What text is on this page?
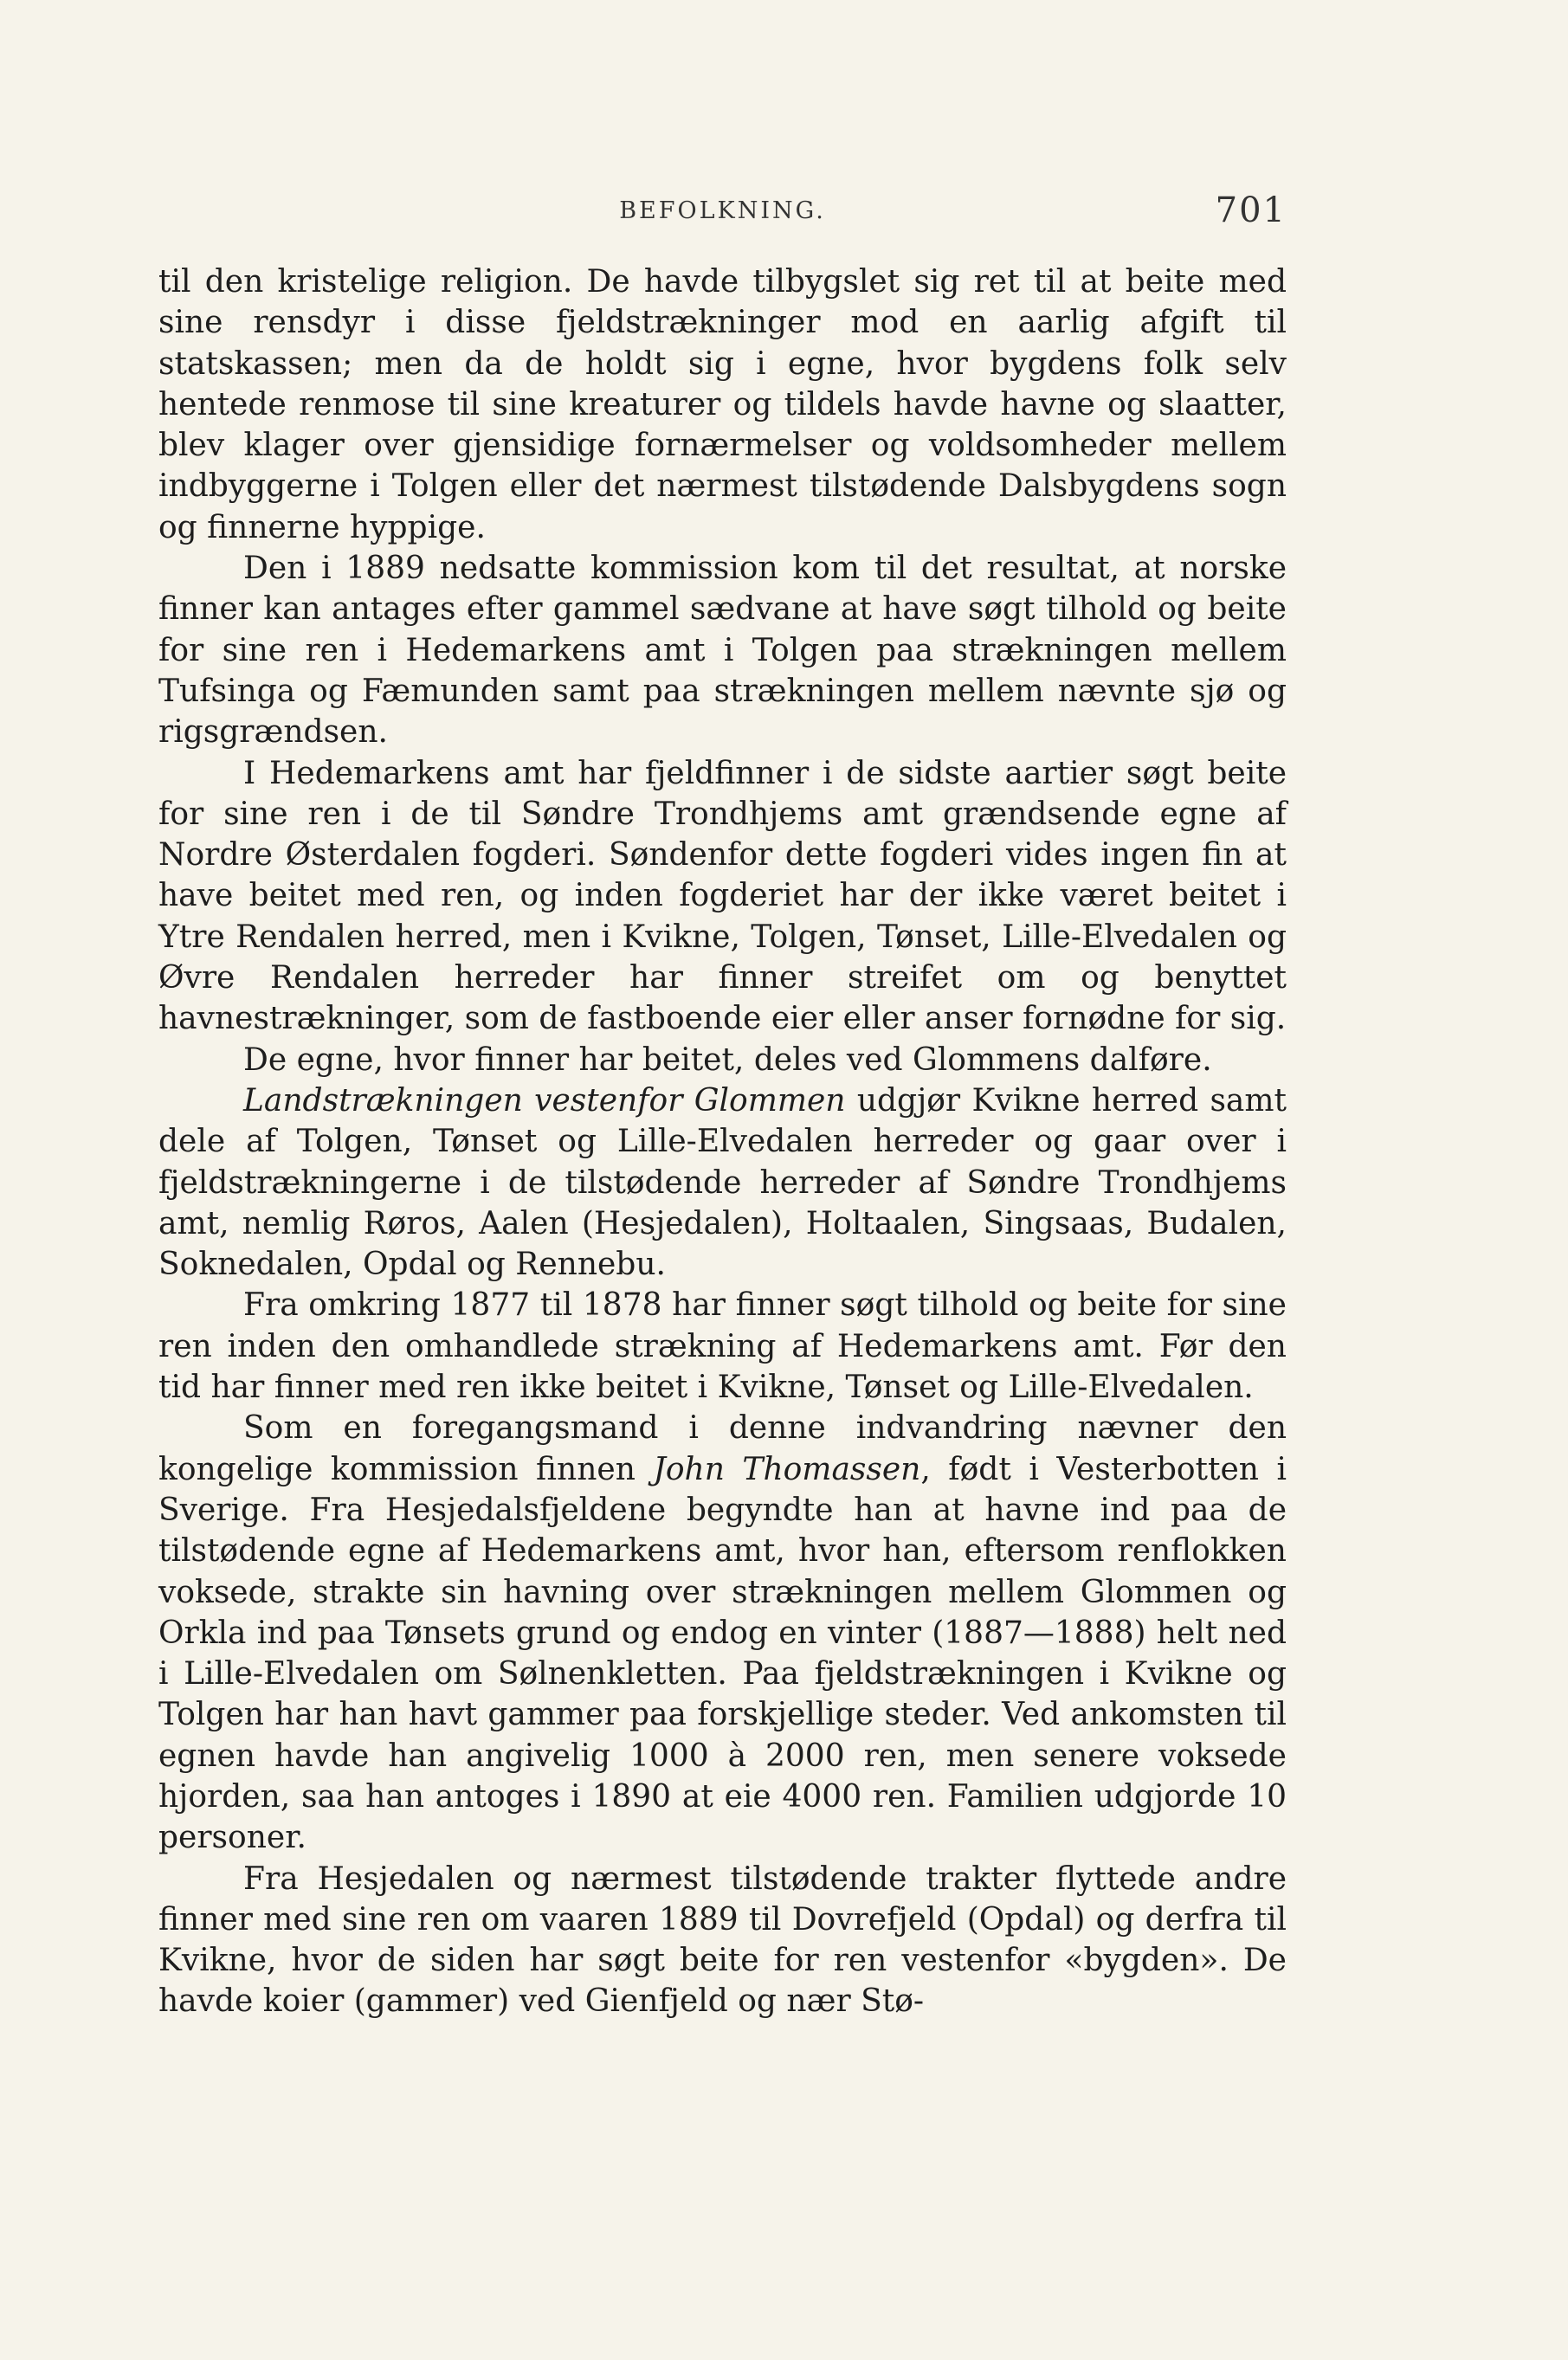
BEFOLKNING.	701

til den kristelige religion. De havde tilbygslet sig ret til at beite med sine rensdyr i disse fjeldstrækninger mod en aarlig afgift til statskassen; men da de holdt sig i egne, hvor bygdens folk selv hentede renmose til sine kreaturer og tildels havde havne og slaatter, blev klager over gjensidige fornærmelser og voldsomheder mellem indbyggerne i Tolgen eller det nærmest tilstødende Dalsbygdens sogn og finnerne hyppige.

Den i 1889 nedsatte kommission kom til det resultat, at norske finner kan antages efter gammel sædvane at have søgt tilhold og beite for sine ren i Hedemarkens amt i Tolgen paa strækningen mellem Tufsinga og Fæmunden samt paa strækningen mellem nævnte sjø og rigsgrændsen.

I Hedemarkens amt har fjeldfinner i de sidste aartier søgt beite for sine ren i de til Søndre Trondhjems amt grændsende egne af Nordre Østerdalen fogderi. Søndenfor dette fogderi vides ingen fin at have beitet med ren, og inden fogderiet har der ikke været beitet i Ytre Rendalen herred, men i Kvikne, Tolgen, Tønset, Lille-Elvedalen og Øvre Rendalen herreder har finner streifet om og benyttet havnestrækninger, som de fastboende eier eller anser fornødne for sig.

De egne, hvor finner har beitet, deles ved Glommens dalføre.

Landstrækningen vestenfor Glommen udgjør Kvikne herred samt dele af Tolgen, Tønset og Lille-Elvedalen herreder og gaar over i fjeldstrækningerne i de tilstødende herreder af Søndre Trondhjems amt, nemlig Røros, Aalen (Hesjedalen), Holtaalen, Singsaas, Budalen, Soknedalen, Opdal og Rennebu.

Fra omkring 1877 til 1878 har finner søgt tilhold og beite for sine ren inden den omhandlede strækning af Hedemarkens amt. Før den tid har finner med ren ikke beitet i Kvikne, Tønset og Lille-Elvedalen.

Som en foregangsmand i denne indvandring nævner den kongelige kommission finnen John Thomassen, født i Vesterbotten i Sverige. Fra Hesjedalsfjeldene begyndte han at havne ind paa de tilstødende egne af Hedemarkens amt, hvor han, eftersom renflokken voksede, strakte sin havning over strækningen mellem Glommen og Orkla ind paa Tønsets grund og endog en vinter (1887—1888) helt ned i Lille-Elvedalen om Sølnenkletten. Paa fjeldstrækningen i Kvikne og Tolgen har han havt gammer paa forskjellige steder. Ved ankomsten til egnen havde han angivelig 1000 à 2000 ren, men senere voksede hjorden, saa han antoges i 1890 at eie 4000 ren. Familien udgjorde 10 personer.

Fra Hesjedalen og nærmest tilstødende trakter flyttede andre finner med sine ren om vaaren 1889 til Dovrefjeld (Opdal) og derfra til Kvikne, hvor de siden har søgt beite for ren vestenfor «bygden». De havde koier (gammer) ved Gienfjeld og nær Stø-
